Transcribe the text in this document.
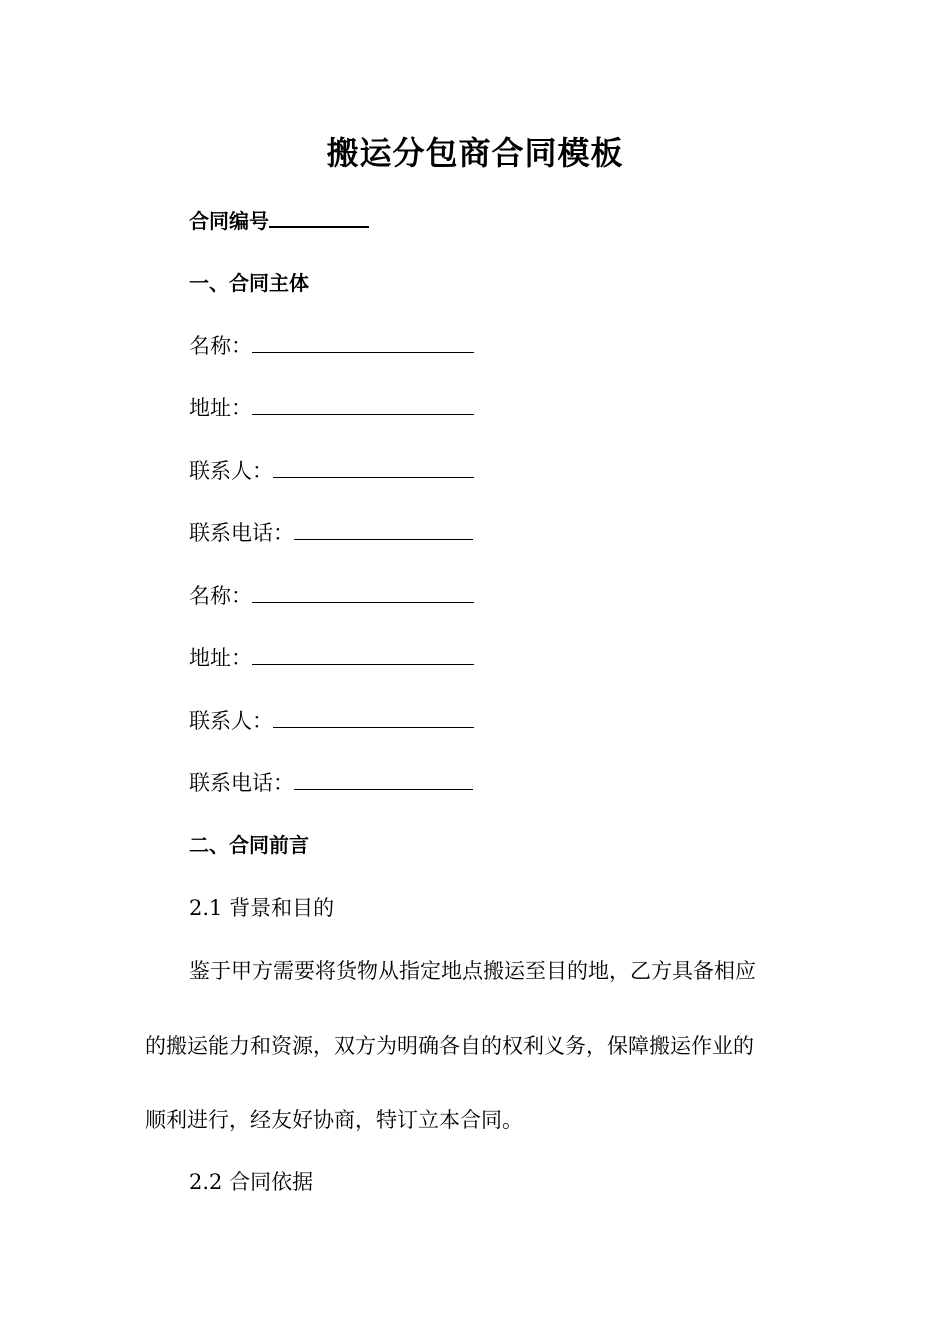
搬运分包商合同模板
合同编号
一、合同主体
名称：
地址：
联系人：
联系电话：
名称：
地址：
联系人：
联系电话：
二、合同前言
2.1 背景和目的
鉴于甲方需要将货物从指定地点搬运至目的地，乙方具备相应
的搬运能力和资源，双方为明确各自的权利义务，保障搬运作业的
顺利进行，经友好协商，特订立本合同。
2.2 合同依据
